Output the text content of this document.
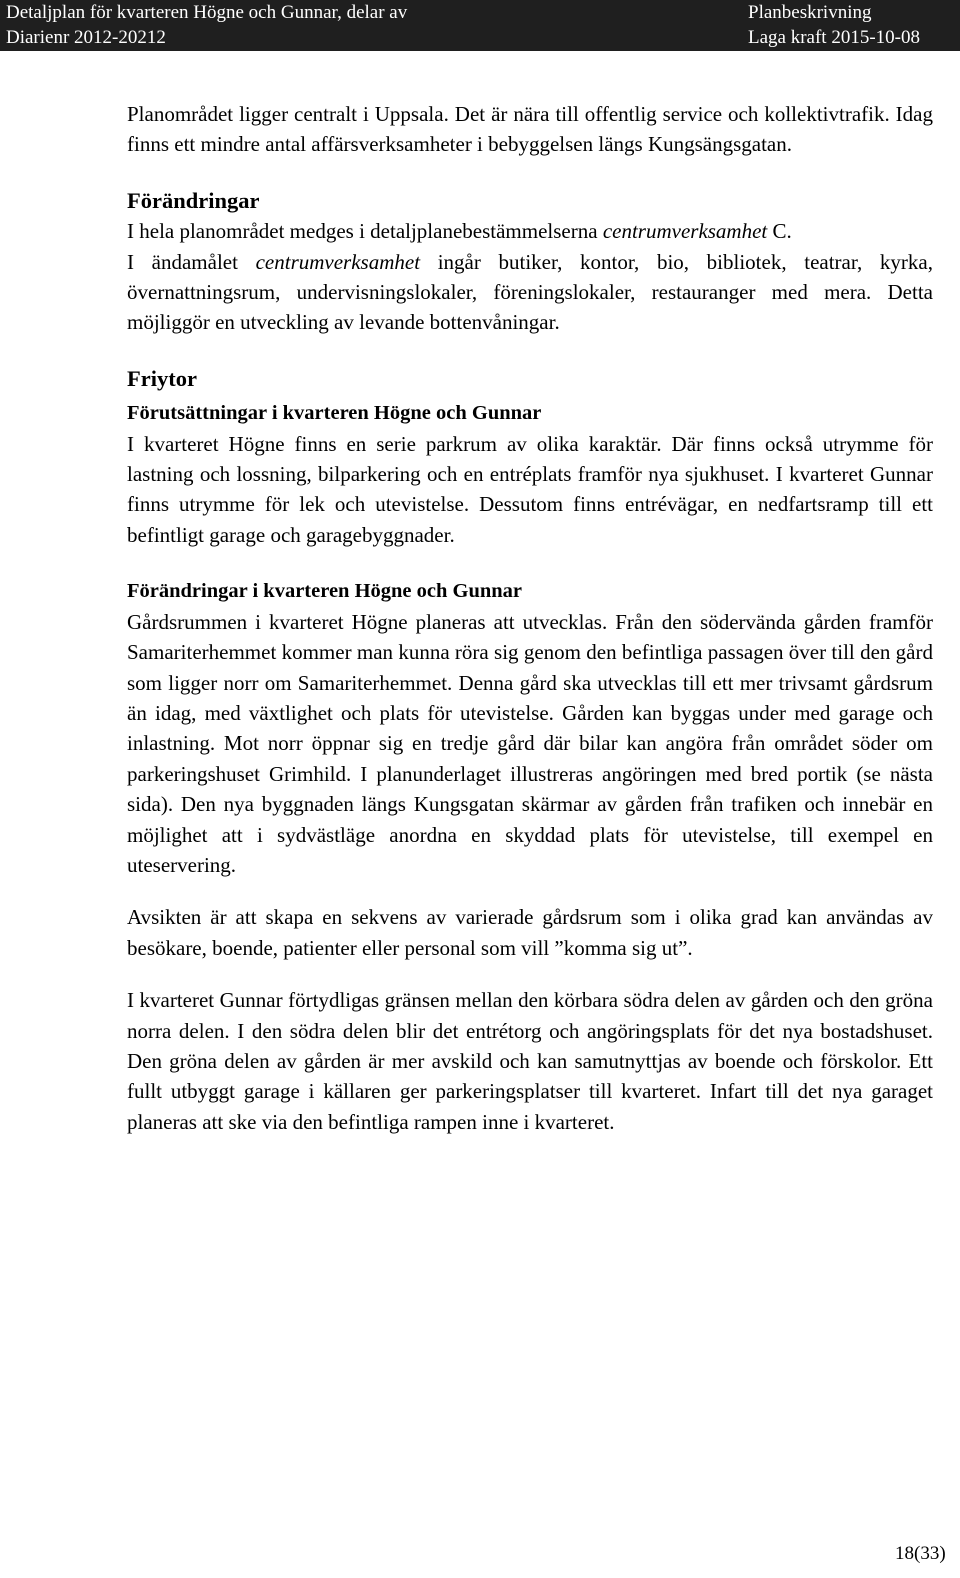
Detaljplan för kvarteren Högne och Gunnar, delar av
Diarienr 2012-20212
Planbeskrivning
Laga kraft 2015-10-08

Planområdet ligger centralt i Uppsala. Det är nära till offentlig service och kollektivtrafik. Idag finns ett mindre antal affärsverksamheter i bebyggelsen längs Kungsängsgatan.

Förändringar

I hela planområdet medges i detaljplanebestämmelserna centrumverksamhet C.

I ändamålet centrumverksamhet ingår butiker, kontor, bio, bibliotek, teatrar, kyrka, övernattningsrum, undervisningslokaler, föreningslokaler, restauranger med mera. Detta möjliggör en utveckling av levande bottenvåningar.

Friytor
Förutsättningar i kvarteren Högne och Gunnar

I kvarteret Högne finns en serie parkrum av olika karaktär. Där finns också utrymme för lastning och lossning, bilparkering och en entréplats framför nya sjukhuset. I kvarteret Gunnar finns utrymme för lek och utevistelse. Dessutom finns entrévägar, en nedfartsramp till ett befintligt garage och garagebyggnader.

Förändringar i kvarteren Högne och Gunnar

Gårdsrummen i kvarteret Högne planeras att utvecklas. Från den södervända gården framför Samariterhemmet kommer man kunna röra sig genom den befintliga passagen över till den gård som ligger norr om Samariterhemmet. Denna gård ska utvecklas till ett mer trivsamt gårdsrum än idag, med växtlighet och plats för utevistelse. Gården kan byggas under med garage och inlastning. Mot norr öppnar sig en tredje gård där bilar kan angöra från området söder om parkeringshuset Grimhild. I planunderlaget illustreras angöringen med bred portik (se nästa sida). Den nya byggnaden längs Kungsgatan skärmar av gården från trafiken och innebär en möjlighet att i sydvästläge anordna en skyddad plats för utevistelse, till exempel en uteservering.

Avsikten är att skapa en sekvens av varierade gårdsrum som i olika grad kan användas av besökare, boende, patienter eller personal som vill ”komma sig ut”.

I kvarteret Gunnar förtydligas gränsen mellan den körbara södra delen av gården och den gröna norra delen. I den södra delen blir det entrétorg och angöringsplats för det nya bostadshuset. Den gröna delen av gården är mer avskild och kan samutnyttjas av boende och förskolor. Ett fullt utbyggt garage i källaren ger parkeringsplatser till kvarteret. Infart till det nya garaget planeras att ske via den befintliga rampen inne i kvarteret.

18(33)
